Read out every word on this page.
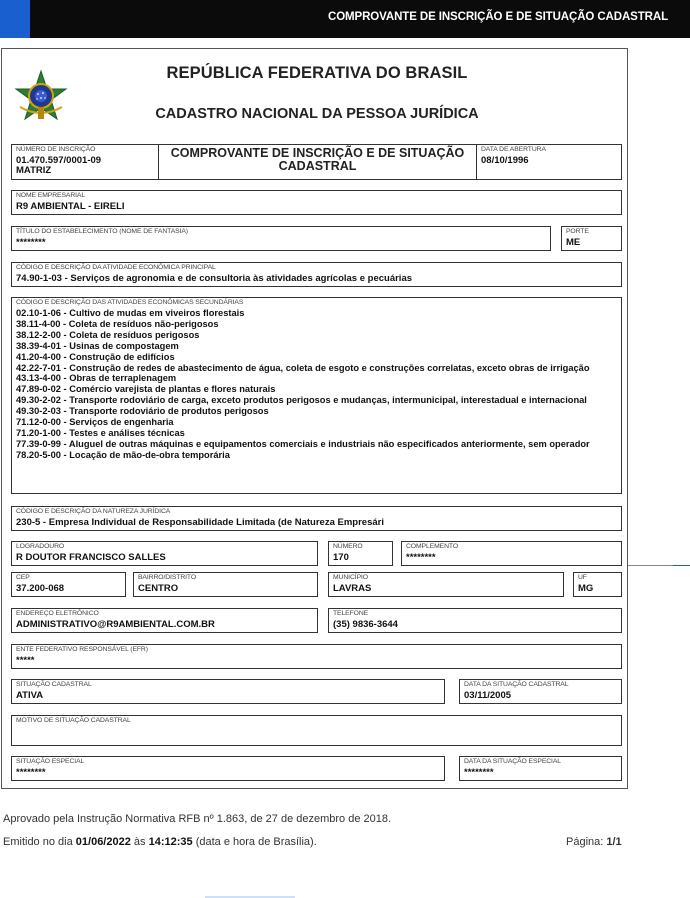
COMPROVANTE DE INSCRIÇÃO E DE SITUAÇÃO CADASTRAL
REPÚBLICA FEDERATIVA DO BRASIL
CADASTRO NACIONAL DA PESSOA JURÍDICA
NÚMERO DE INSCRIÇÃO
01.470.597/0001-09
MATRIZ
COMPROVANTE DE INSCRIÇÃO E DE SITUAÇÃO
CADASTRAL
DATA DE ABERTURA
08/10/1996
NOME EMPRESARIAL
R9 AMBIENTAL - EIRELI
TÍTULO DO ESTABELECIMENTO (NOME DE FANTASIA)
********
PORTE
ME
CÓDIGO E DESCRIÇÃO DA ATIVIDADE ECONÔMICA PRINCIPAL
74.90-1-03 - Serviços de agronomia e de consultoria às atividades agrícolas e pecuárias
CÓDIGO E DESCRIÇÃO DAS ATIVIDADES ECONÔMICAS SECUNDÁRIAS
02.10-1-06 - Cultivo de mudas em viveiros florestais
38.11-4-00 - Coleta de resíduos não-perigosos
38.12-2-00 - Coleta de resíduos perigosos
38.39-4-01 - Usinas de compostagem
41.20-4-00 - Construção de edifícios
42.22-7-01 - Construção de redes de abastecimento de água, coleta de esgoto e construções correlatas, exceto obras de irrigação
43.13-4-00 - Obras de terraplenagem
47.89-0-02 - Comércio varejista de plantas e flores naturais
49.30-2-02 - Transporte rodoviário de carga, exceto produtos perigosos e mudanças, intermunicipal, interestadual e internacional
49.30-2-03 - Transporte rodoviário de produtos perigosos
71.12-0-00 - Serviços de engenharia
71.20-1-00 - Testes e análises técnicas
77.39-0-99 - Aluguel de outras máquinas e equipamentos comerciais e industriais não especificados anteriormente, sem operador
78.20-5-00 - Locação de mão-de-obra temporária
CÓDIGO E DESCRIÇÃO DA NATUREZA JURÍDICA
230-5 - Empresa Individual de Responsabilidade Limitada (de Natureza Empresári
LOGRADOURO
R DOUTOR FRANCISCO SALLES
NÚMERO
170
COMPLEMENTO
********
CEP
37.200-068
BAIRRO/DISTRITO
CENTRO
MUNICÍPIO
LAVRAS
UF
MG
ENDEREÇO ELETRÔNICO
ADMINISTRATIVO@R9AMBIENTAL.COM.BR
TELEFONE
(35) 9836-3644
ENTE FEDERATIVO RESPONSÁVEL (EFR)
*****
SITUAÇÃO CADASTRAL
ATIVA
DATA DA SITUAÇÃO CADASTRAL
03/11/2005
MOTIVO DE SITUAÇÃO CADASTRAL
SITUAÇÃO ESPECIAL
********
DATA DA SITUAÇÃO ESPECIAL
********
Aprovado pela Instrução Normativa RFB nº 1.863, de 27 de dezembro de 2018.
Emitido no dia 01/06/2022 às 14:12:35 (data e hora de Brasília).	Página: 1/1
